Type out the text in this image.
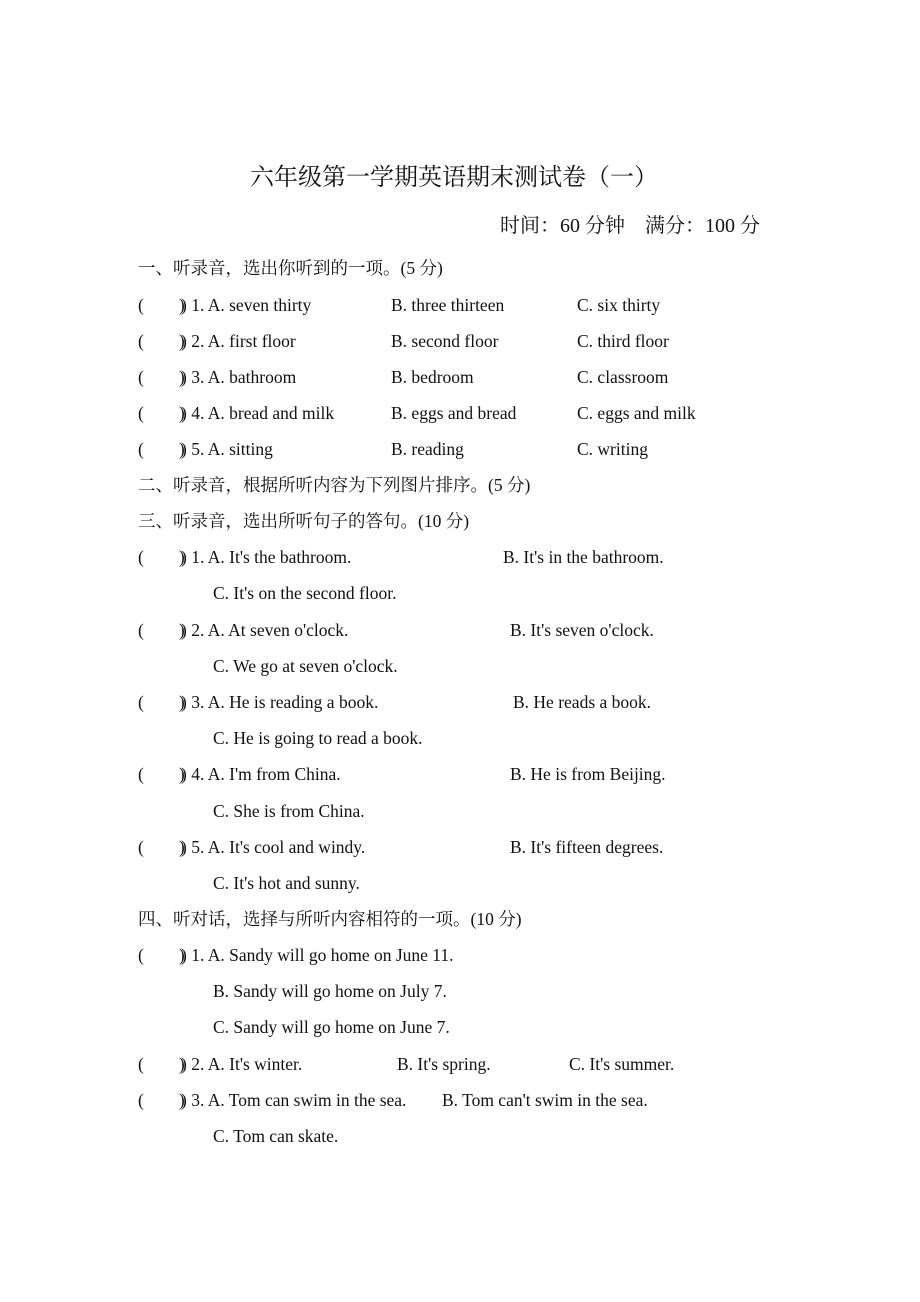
六年级第一学期英语期末测试卷（一）
时间：60 分钟　满分：100 分
一、听录音，选出你听到的一项。(5 分)
(　　)
) 1. A. seven thirty	B. three thirteen	C. six thirty
(　　)
) 2. A. first floor	B. second floor	C. third floor
(　　)
) 3. A. bathroom	B. bedroom	C. classroom
(　　)
) 4. A. bread and milk	B. eggs and bread	C. eggs and milk
(　　)
) 5. A. sitting	B. reading	C. writing
二、听录音，根据所听内容为下列图片排序。(5 分)
三、听录音，选出所听句子的答句。(10 分)
(　　)
) 1. A. It's the bathroom.	B. It's in the bathroom.
C. It's on the second floor.
(　　)
) 2. A. At seven o'clock.	B. It's seven o'clock.
C. We go at seven o'clock.
(　　)
) 3. A. He is reading a book.	B. He reads a book.
C. He is going to read a book.
(　　)
) 4. A. I'm from China.	B. He is from Beijing.
C. She is from China.
(　　)
) 5. A. It's cool and windy.	B. It's fifteen degrees.
C. It's hot and sunny.
四、听对话，选择与所听内容相符的一项。(10 分)
(　　)
) 1. A. Sandy will go home on June 11.
B. Sandy will go home on July 7.
C. Sandy will go home on June 7.
(　　)
) 2. A. It's winter.	B. It's spring.	C. It's summer.
(　　)
) 3. A. Tom can swim in the sea. B. Tom can't swim in the sea.
C. Tom can skate.
